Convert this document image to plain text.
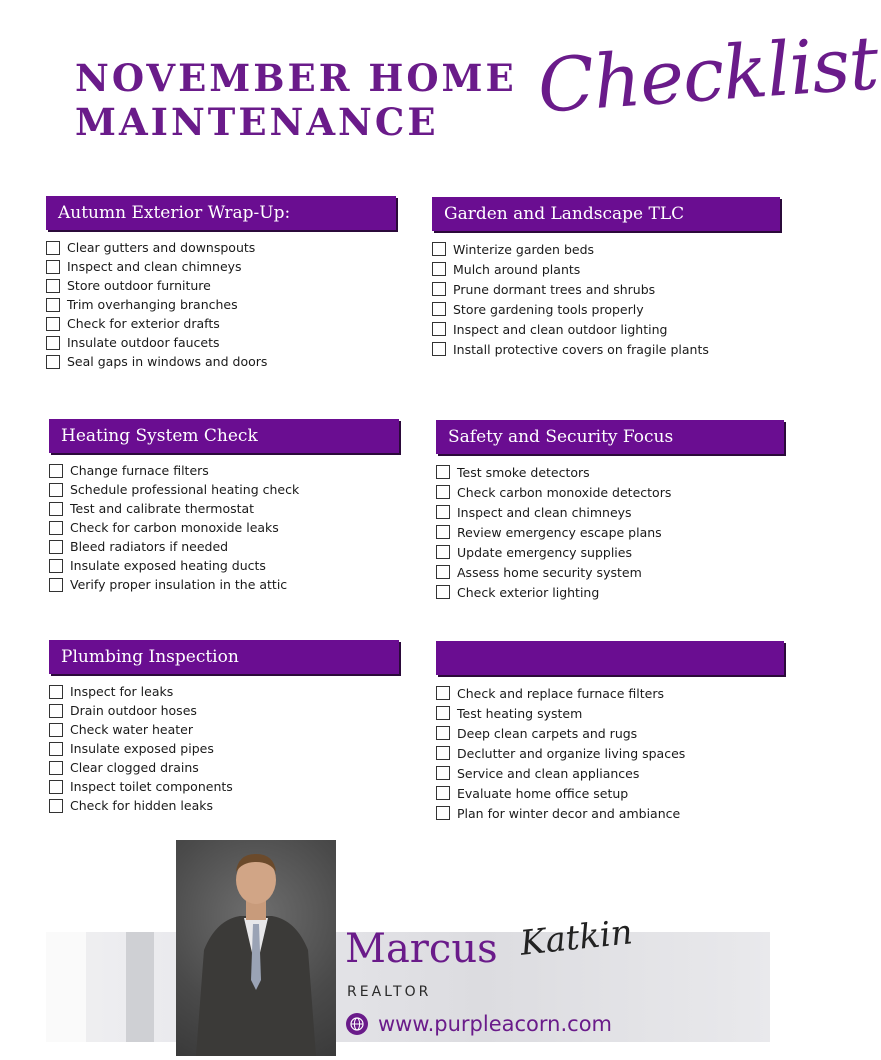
NOVEMBER HOME
MAINTENANCE	Checklist
Autumn Exterior Wrap-Up:
Clear gutters and downspouts
Inspect and clean chimneys
Store outdoor furniture
Trim overhanging branches
Check for exterior drafts
Insulate outdoor faucets
Seal gaps in windows and doors
Garden and Landscape TLC
Winterize garden beds
Mulch around plants
Prune dormant trees and shrubs
Store gardening tools properly
Inspect and clean outdoor lighting
Install protective covers on fragile plants
Heating System Check
Change furnace filters
Schedule professional heating check
Test and calibrate thermostat
Check for carbon monoxide leaks
Bleed radiators if needed
Insulate exposed heating ducts
Verify proper insulation in the attic
Safety and Security Focus
Test smoke detectors
Check carbon monoxide detectors
Inspect and clean chimneys
Review emergency escape plans
Update emergency supplies
Assess home security system
Check exterior lighting
Plumbing Inspection
Inspect for leaks
Drain outdoor hoses
Check water heater
Insulate exposed pipes
Clear clogged drains
Inspect toilet components
Check for hidden leaks
Check and replace furnace filters
Test heating system
Deep clean carpets and rugs
Declutter and organize living spaces
Service and clean appliances
Evaluate home office setup
Plan for winter decor and ambiance
Marcus Katkin
REALTOR
www.purpleacorn.com
